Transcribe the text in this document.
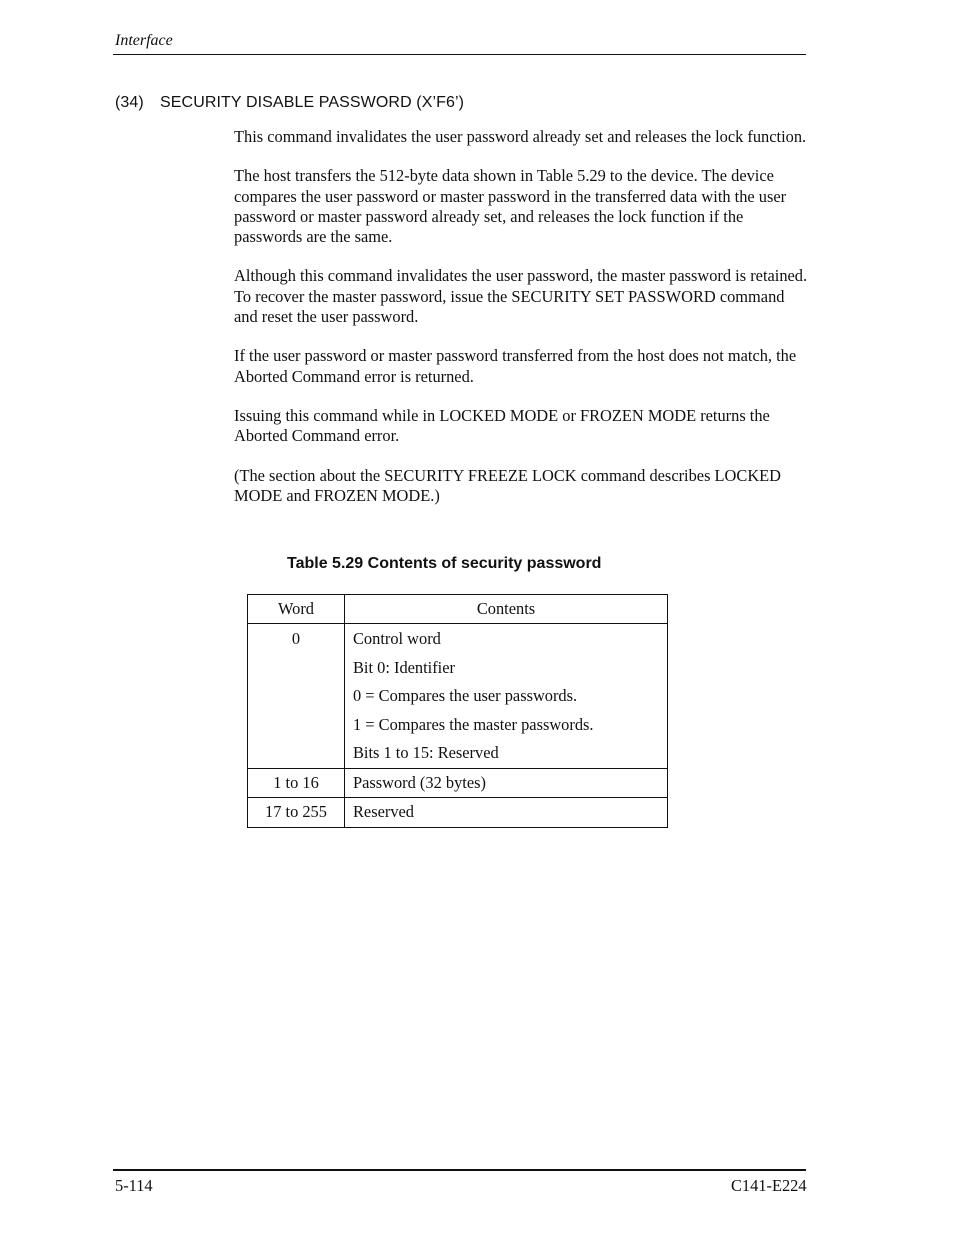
Interface
(34) SECURITY DISABLE PASSWORD (X’F6’)

This command invalidates the user password already set and releases the lock function.

The host transfers the 512-byte data shown in Table 5.29 to the device. The device compares the user password or master password in the transferred data with the user password or master password already set, and releases the lock function if the passwords are the same.

Although this command invalidates the user password, the master password is retained. To recover the master password, issue the SECURITY SET PASSWORD command and reset the user password.

If the user password or master password transferred from the host does not match, the Aborted Command error is returned.

Issuing this command while in LOCKED MODE or FROZEN MODE returns the Aborted Command error.

(The section about the SECURITY FREEZE LOCK command describes LOCKED MODE and FROZEN MODE.)

Table 5.29 Contents of security password
Word	Contents

0	Control word
Bit 0: Identifier
0 = Compares the user passwords.
1 = Compares the master passwords.
Bits 1 to 15: Reserved

1 to 16	Password (32 bytes)

17 to 255	Reserved
5-114	C141-E224
